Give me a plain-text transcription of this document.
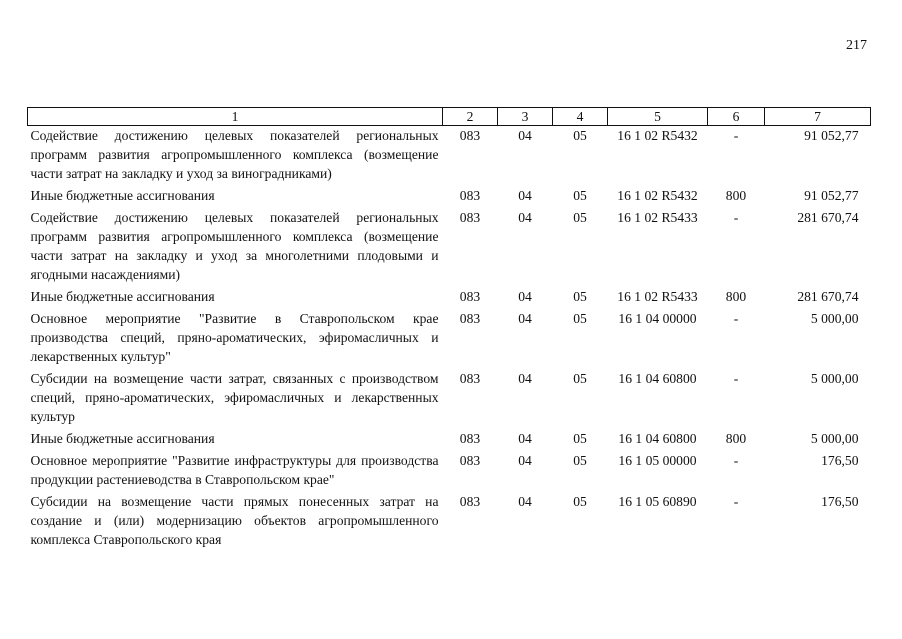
217
1	2	3	4	5	6	7
Содействие достижению целевых показателей региональных программ развития агропромышленного комплекса (возмещение части затрат на закладку и уход за виноградниками)	083	04	05	16 1 02 R5432	-	91 052,77
Иные бюджетные ассигнования	083	04	05	16 1 02 R5432	800	91 052,77
Содействие достижению целевых показателей региональных программ развития агропромышленного комплекса (возмещение части затрат на закладку и уход за многолетними плодовыми и ягодными насаждениями)	083	04	05	16 1 02 R5433	-	281 670,74
Иные бюджетные ассигнования	083	04	05	16 1 02 R5433	800	281 670,74
Основное мероприятие "Развитие в Ставропольском крае производства специй, пряно-ароматических, эфиромасличных и лекарственных культур"	083	04	05	16 1 04 00000	-	5 000,00
Субсидии на возмещение части затрат, связанных с производством специй, пряно-ароматических, эфиромасличных и лекарственных культур	083	04	05	16 1 04 60800	-	5 000,00
Иные бюджетные ассигнования	083	04	05	16 1 04 60800	800	5 000,00
Основное мероприятие "Развитие инфраструктуры для производства продукции растениеводства в Ставропольском крае"	083	04	05	16 1 05 00000	-	176,50
Субсидии на возмещение части прямых понесенных затрат на создание и (или) модернизацию объектов агропромышленного комплекса Ставропольского края	083	04	05	16 1 05 60890	-	176,50
